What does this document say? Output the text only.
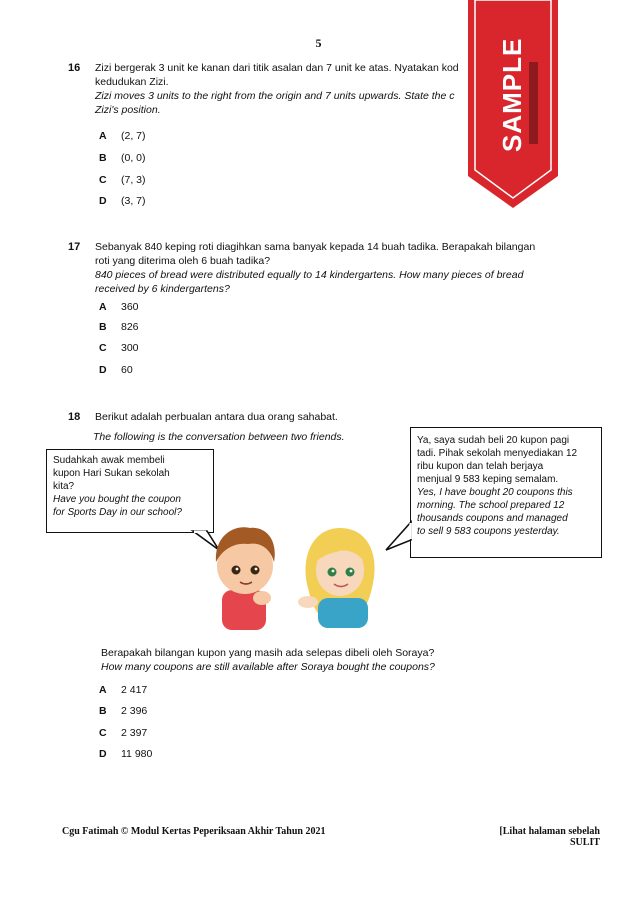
5
16 Zizi bergerak 3 unit ke kanan dari titik asalan dan 7 unit ke atas. Nyatakan kod
kedudukan Zizi.
Zizi moves 3 units to the right from the origin and 7 units upwards. State the c
Zizi's position.
A (2, 7)
B (0, 0)
C (7, 3)
D (3, 7)
17 Sebanyak 840 keping roti diagihkan sama banyak kepada 14 buah tadika. Berapakah bilangan
roti yang diterima oleh 6 buah tadika?
840 pieces of bread were distributed equally to 14 kindergartens. How many pieces of bread
received by 6 kindergartens?
A 360
B 826
C 300
D 60
18 Berikut adalah perbualan antara dua orang sahabat.
The following is the conversation between two friends.
Sudahkah awak membeli
kupon Hari Sukan sekolah
kita?
Have you bought the coupon
for Sports Day in our school?
Ya, saya sudah beli 20 kupon pagi
tadi. Pihak sekolah menyediakan 12
ribu kupon dan telah berjaya
menjual 9 583 keping semalam.
Yes, I have bought 20 coupons this
morning. The school prepared 12
thousands coupons and managed
to sell 9 583 coupons yesterday.
Berapakah bilangan kupon yang masih ada selepas dibeli oleh Soraya?
How many coupons are still available after Soraya bought the coupons?
A 2 417
B 2 396
C 2 397
D 11 980
Cgu Fatimah © Modul Kertas Peperiksaan Akhir Tahun 2021	[Lihat halaman sebelah
SULIT
SAMPLE
